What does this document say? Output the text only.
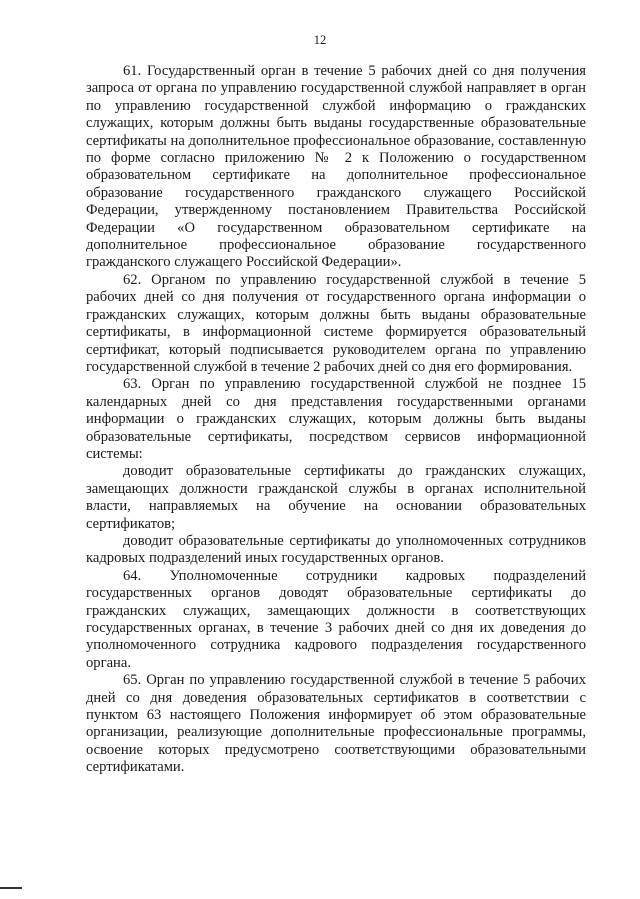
12

61. Государственный орган в течение 5 рабочих дней со дня получения запроса от органа по управлению государственной службой направляет в орган по управлению государственной службой информацию о гражданских служащих, которым должны быть выданы государственные образовательные сертификаты на дополнительное профессиональное образование, составленную по форме согласно приложению № 2 к Положению о государственном образовательном сертификате на дополнительное профессиональное образование государственного гражданского служащего Российской Федерации, утвержденному постановлением Правительства Российской Федерации «О государственном образовательном сертификате на дополнительное профессиональное образование государственного гражданского служащего Российской Федерации».

62. Органом по управлению государственной службой в течение 5 рабочих дней со дня получения от государственного органа информации о гражданских служащих, которым должны быть выданы образовательные сертификаты, в информационной системе формируется образовательный сертификат, который подписывается руководителем органа по управлению государственной службой в течение 2 рабочих дней со дня его формирования.

63. Орган по управлению государственной службой не позднее 15 календарных дней со дня представления государственными органами информации о гражданских служащих, которым должны быть выданы образовательные сертификаты, посредством сервисов информационной системы:

доводит образовательные сертификаты до гражданских служащих, замещающих должности гражданской службы в органах исполнительной власти, направляемых на обучение на основании образовательных сертификатов;

доводит образовательные сертификаты до уполномоченных сотрудников кадровых подразделений иных государственных органов.

64. Уполномоченные сотрудники кадровых подразделений государственных органов доводят образовательные сертификаты до гражданских служащих, замещающих должности в соответствующих государственных органах, в течение 3 рабочих дней со дня их доведения до уполномоченного сотрудника кадрового подразделения государственного органа.

65. Орган по управлению государственной службой в течение 5 рабочих дней со дня доведения образовательных сертификатов в соответствии с пунктом 63 настоящего Положения информирует об этом образовательные организации, реализующие дополнительные профессиональные программы, освоение которых предусмотрено соответствующими образовательными сертификатами.
